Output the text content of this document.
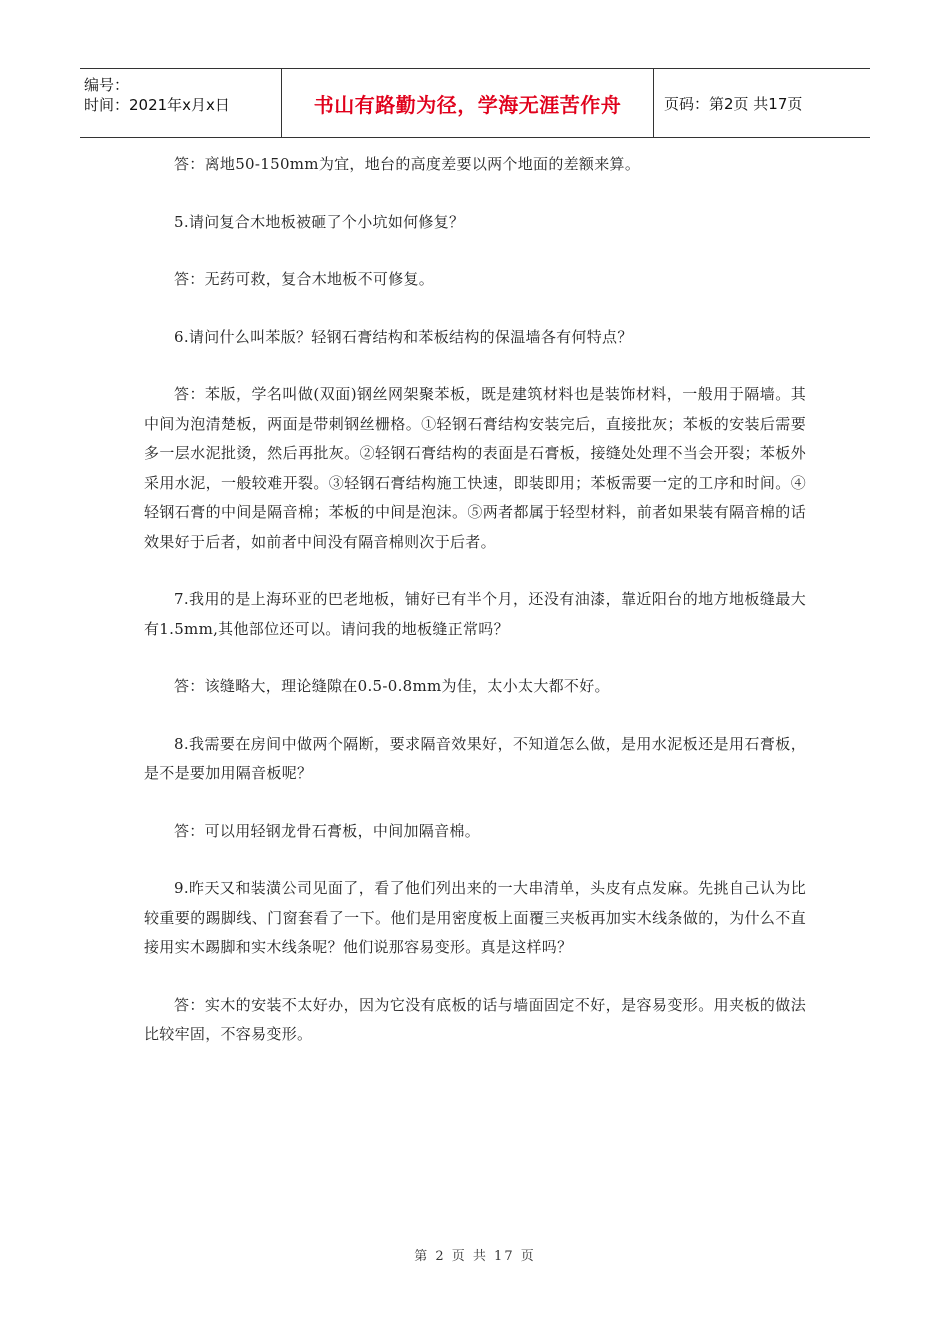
编号：
时间：2021年x月x日	书山有路勤为径，学海无涯苦作舟	页码：第2页 共17页

答：离地50-150mm为宜，地台的高度差要以两个地面的差额来算。

5.请问复合木地板被砸了个小坑如何修复？

答：无药可救，复合木地板不可修复。

6.请问什么叫苯版？轻钢石膏结构和苯板结构的保温墙各有何特点？

答：苯版，学名叫做(双面)钢丝网架聚苯板，既是建筑材料也是装饰材料，一般用于隔墙。其中间为泡清楚板，两面是带刺钢丝栅格。①轻钢石膏结构安装完后，直接批灰；苯板的安装后需要多一层水泥批烫，然后再批灰。②轻钢石膏结构的表面是石膏板，接缝处处理不当会开裂；苯板外采用水泥，一般较难开裂。③轻钢石膏结构施工快速，即装即用；苯板需要一定的工序和时间。④轻钢石膏的中间是隔音棉；苯板的中间是泡沫。⑤两者都属于轻型材料，前者如果装有隔音棉的话效果好于后者，如前者中间没有隔音棉则次于后者。

7.我用的是上海环亚的巴老地板，铺好已有半个月，还没有油漆，靠近阳台的地方地板缝最大有1.5mm,其他部位还可以。请问我的地板缝正常吗？

答：该缝略大，理论缝隙在0.5-0.8mm为佳，太小太大都不好。

8.我需要在房间中做两个隔断，要求隔音效果好，不知道怎么做，是用水泥板还是用石膏板，是不是要加用隔音板呢？

答：可以用轻钢龙骨石膏板，中间加隔音棉。

9.昨天又和装潢公司见面了，看了他们列出来的一大串清单，头皮有点发麻。先挑自己认为比较重要的踢脚线、门窗套看了一下。他们是用密度板上面覆三夹板再加实木线条做的，为什么不直接用实木踢脚和实木线条呢？他们说那容易变形。真是这样吗？

答：实木的安装不太好办，因为它没有底板的话与墙面固定不好，是容易变形。用夹板的做法比较牢固，不容易变形。

第 2 页 共 17 页
